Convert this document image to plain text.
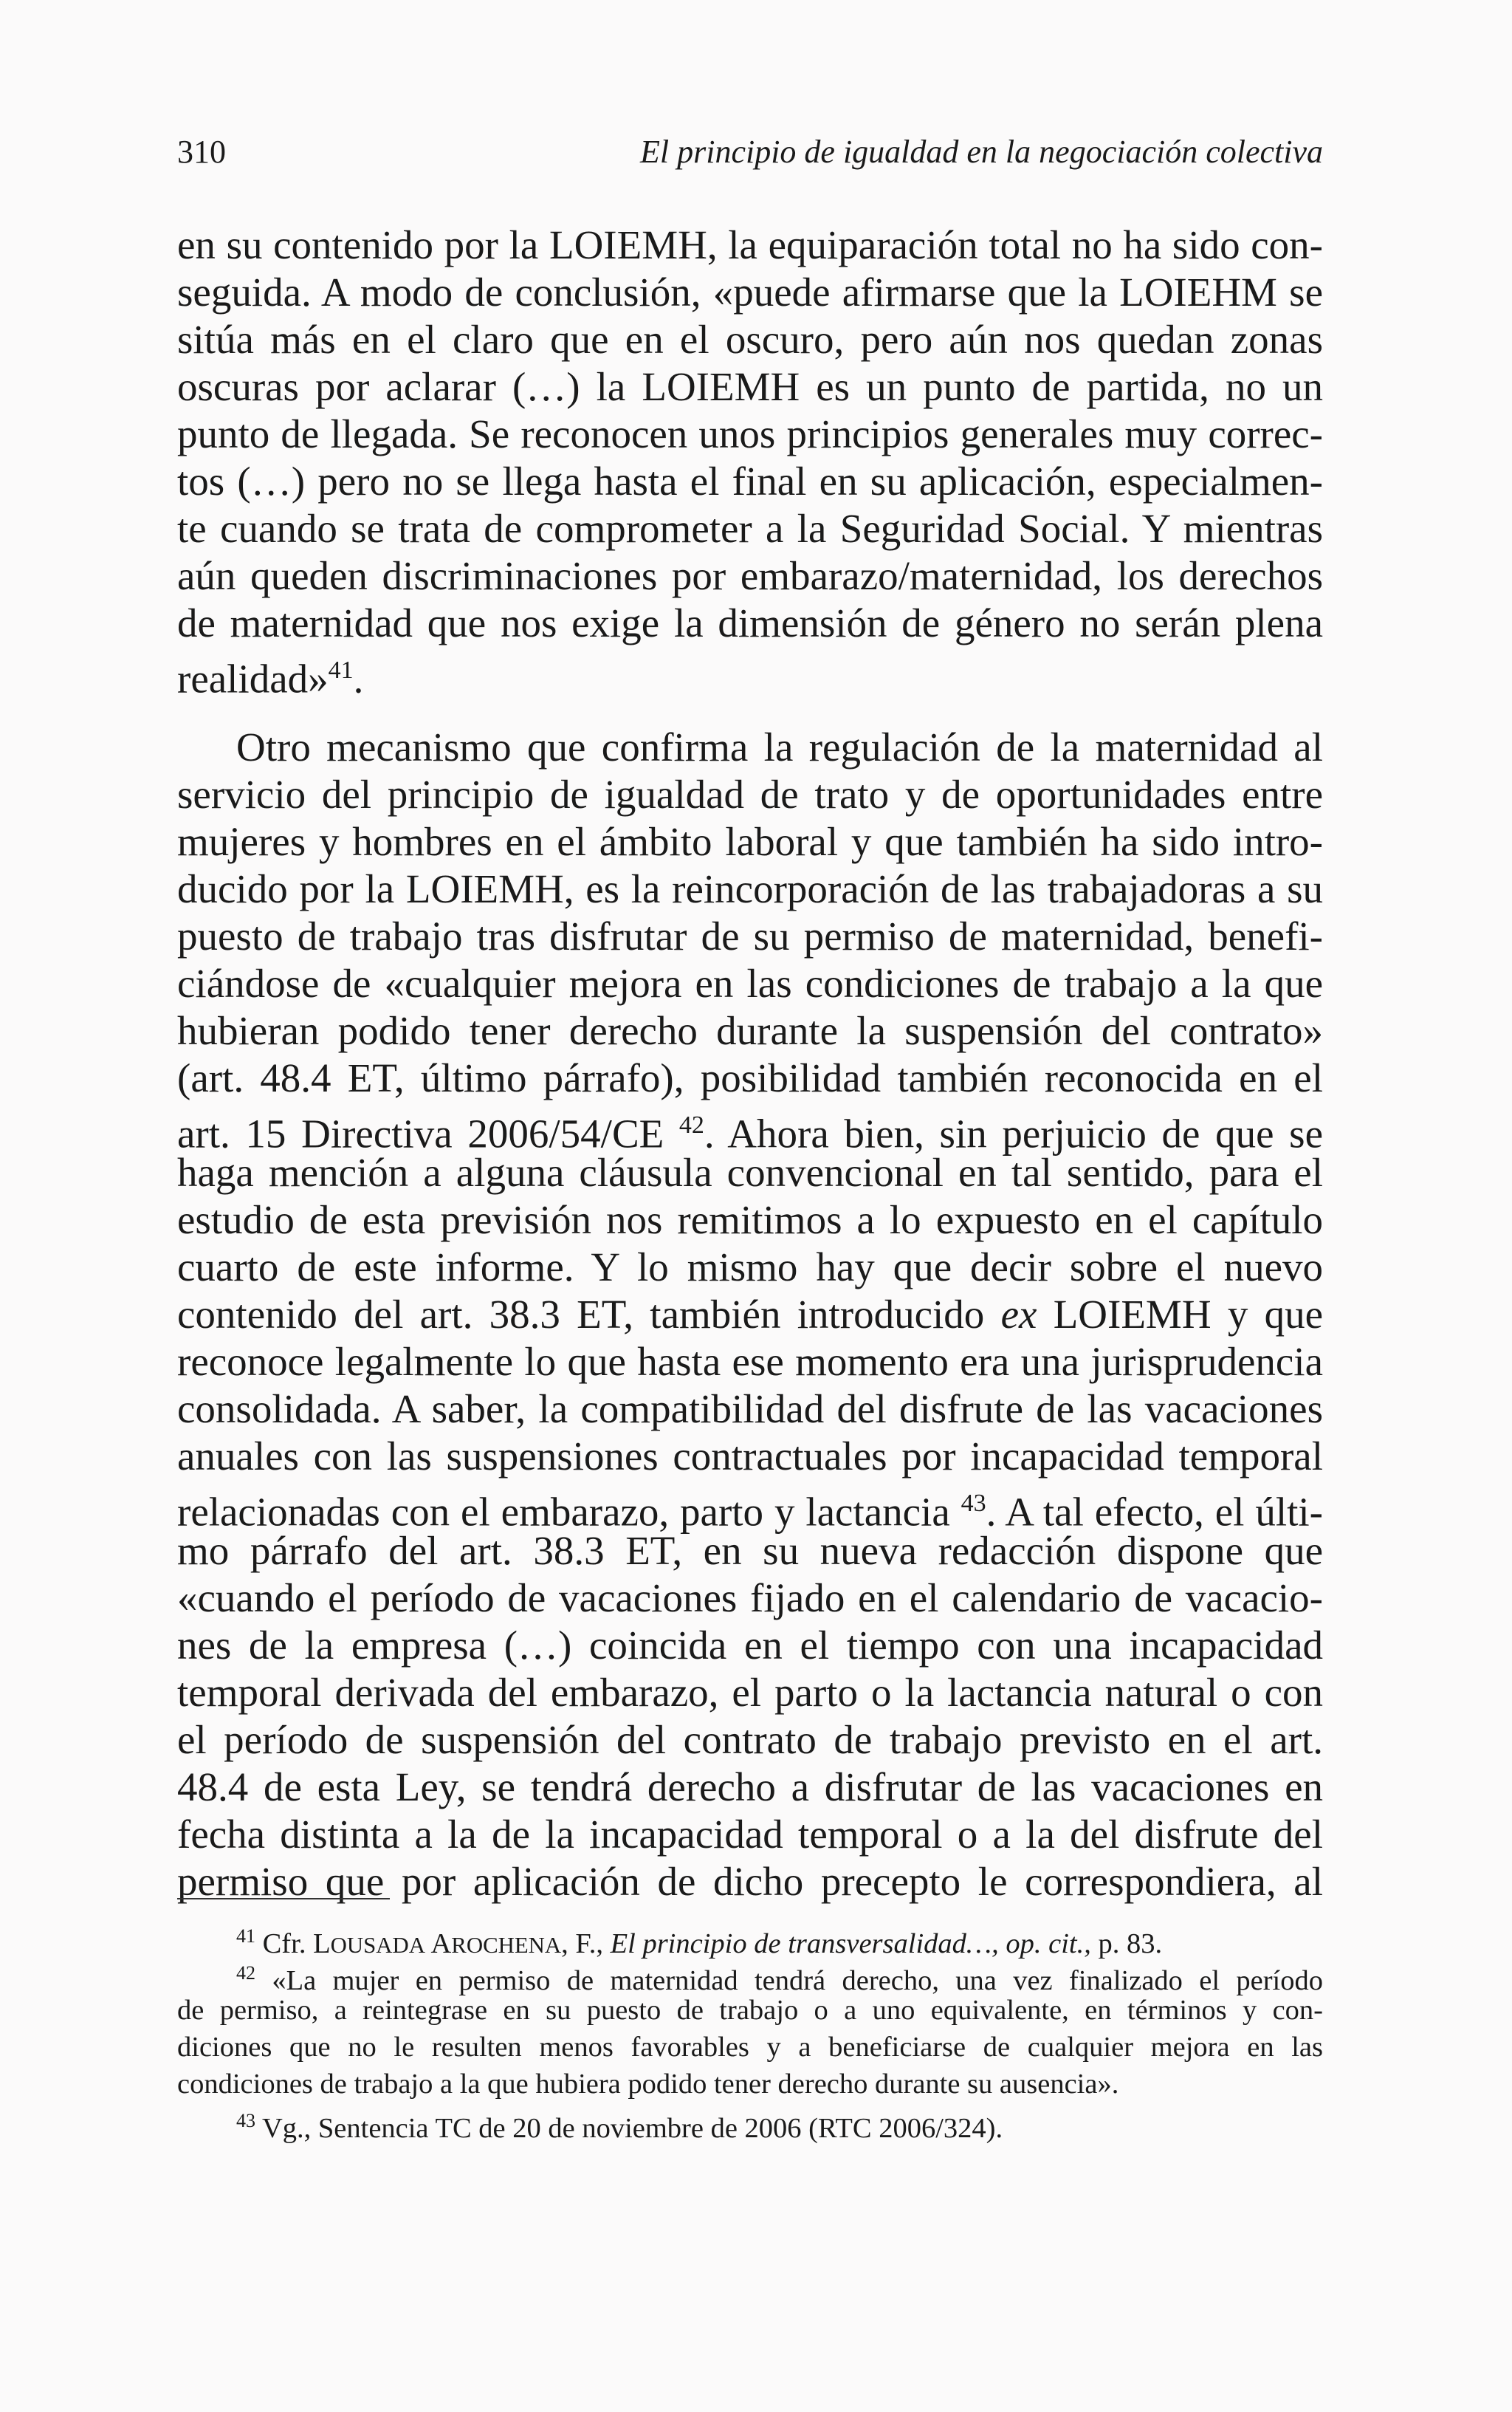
310	El principio de igualdad en la negociación colectiva
en su contenido por la LOIEMH, la equiparación total no ha sido con-
seguida. A modo de conclusión, «puede afirmarse que la LOIEHM se
sitúa más en el claro que en el oscuro, pero aún nos quedan zonas
oscuras por aclarar (…) la LOIEMH es un punto de partida, no un
punto de llegada. Se reconocen unos principios generales muy correc-
tos (…) pero no se llega hasta el final en su aplicación, especialmen-
te cuando se trata de comprometer a la Seguridad Social. Y mientras
aún queden discriminaciones por embarazo/maternidad, los derechos
de maternidad que nos exige la dimensión de género no serán plena
realidad»$^{41}$.
Otro mecanismo que confirma la regulación de la maternidad al
servicio del principio de igualdad de trato y de oportunidades entre
mujeres y hombres en el ámbito laboral y que también ha sido intro-
ducido por la LOIEMH, es la reincorporación de las trabajadoras a su
puesto de trabajo tras disfrutar de su permiso de maternidad, benefi-
ciándose de «cualquier mejora en las condiciones de trabajo a la que
hubieran podido tener derecho durante la suspensión del contrato»
(art. 48.4 ET, último párrafo), posibilidad también reconocida en el
art. 15 Directiva 2006/54/CE $^{42}$. Ahora bien, sin perjuicio de que se
haga mención a alguna cláusula convencional en tal sentido, para el
estudio de esta previsión nos remitimos a lo expuesto en el capítulo
cuarto de este informe. Y lo mismo hay que decir sobre el nuevo
contenido del art. 38.3 ET, también introducido ex LOIEMH y que
reconoce legalmente lo que hasta ese momento era una jurisprudencia
consolidada. A saber, la compatibilidad del disfrute de las vacaciones
anuales con las suspensiones contractuales por incapacidad temporal
relacionadas con el embarazo, parto y lactancia $^{43}$. A tal efecto, el últi-
mo párrafo del art. 38.3 ET, en su nueva redacción dispone que
«cuando el período de vacaciones fijado en el calendario de vacacio-
nes de la empresa (…) coincida en el tiempo con una incapacidad
temporal derivada del embarazo, el parto o la lactancia natural o con
el período de suspensión del contrato de trabajo previsto en el art.
48.4 de esta Ley, se tendrá derecho a disfrutar de las vacaciones en
fecha distinta a la de la incapacidad temporal o a la del disfrute del
permiso que por aplicación de dicho precepto le correspondiera, al
$^{41}$ Cfr. LOUSADA AROCHENA, F., El principio de transversalidad…, op. cit., p. 83.
$^{42}$ «La mujer en permiso de maternidad tendrá derecho, una vez finalizado el período
de permiso, a reintegrase en su puesto de trabajo o a uno equivalente, en términos y con-
diciones que no le resulten menos favorables y a beneficiarse de cualquier mejora en las
condiciones de trabajo a la que hubiera podido tener derecho durante su ausencia».
$^{43}$ Vg., Sentencia TC de 20 de noviembre de 2006 (RTC 2006/324).
